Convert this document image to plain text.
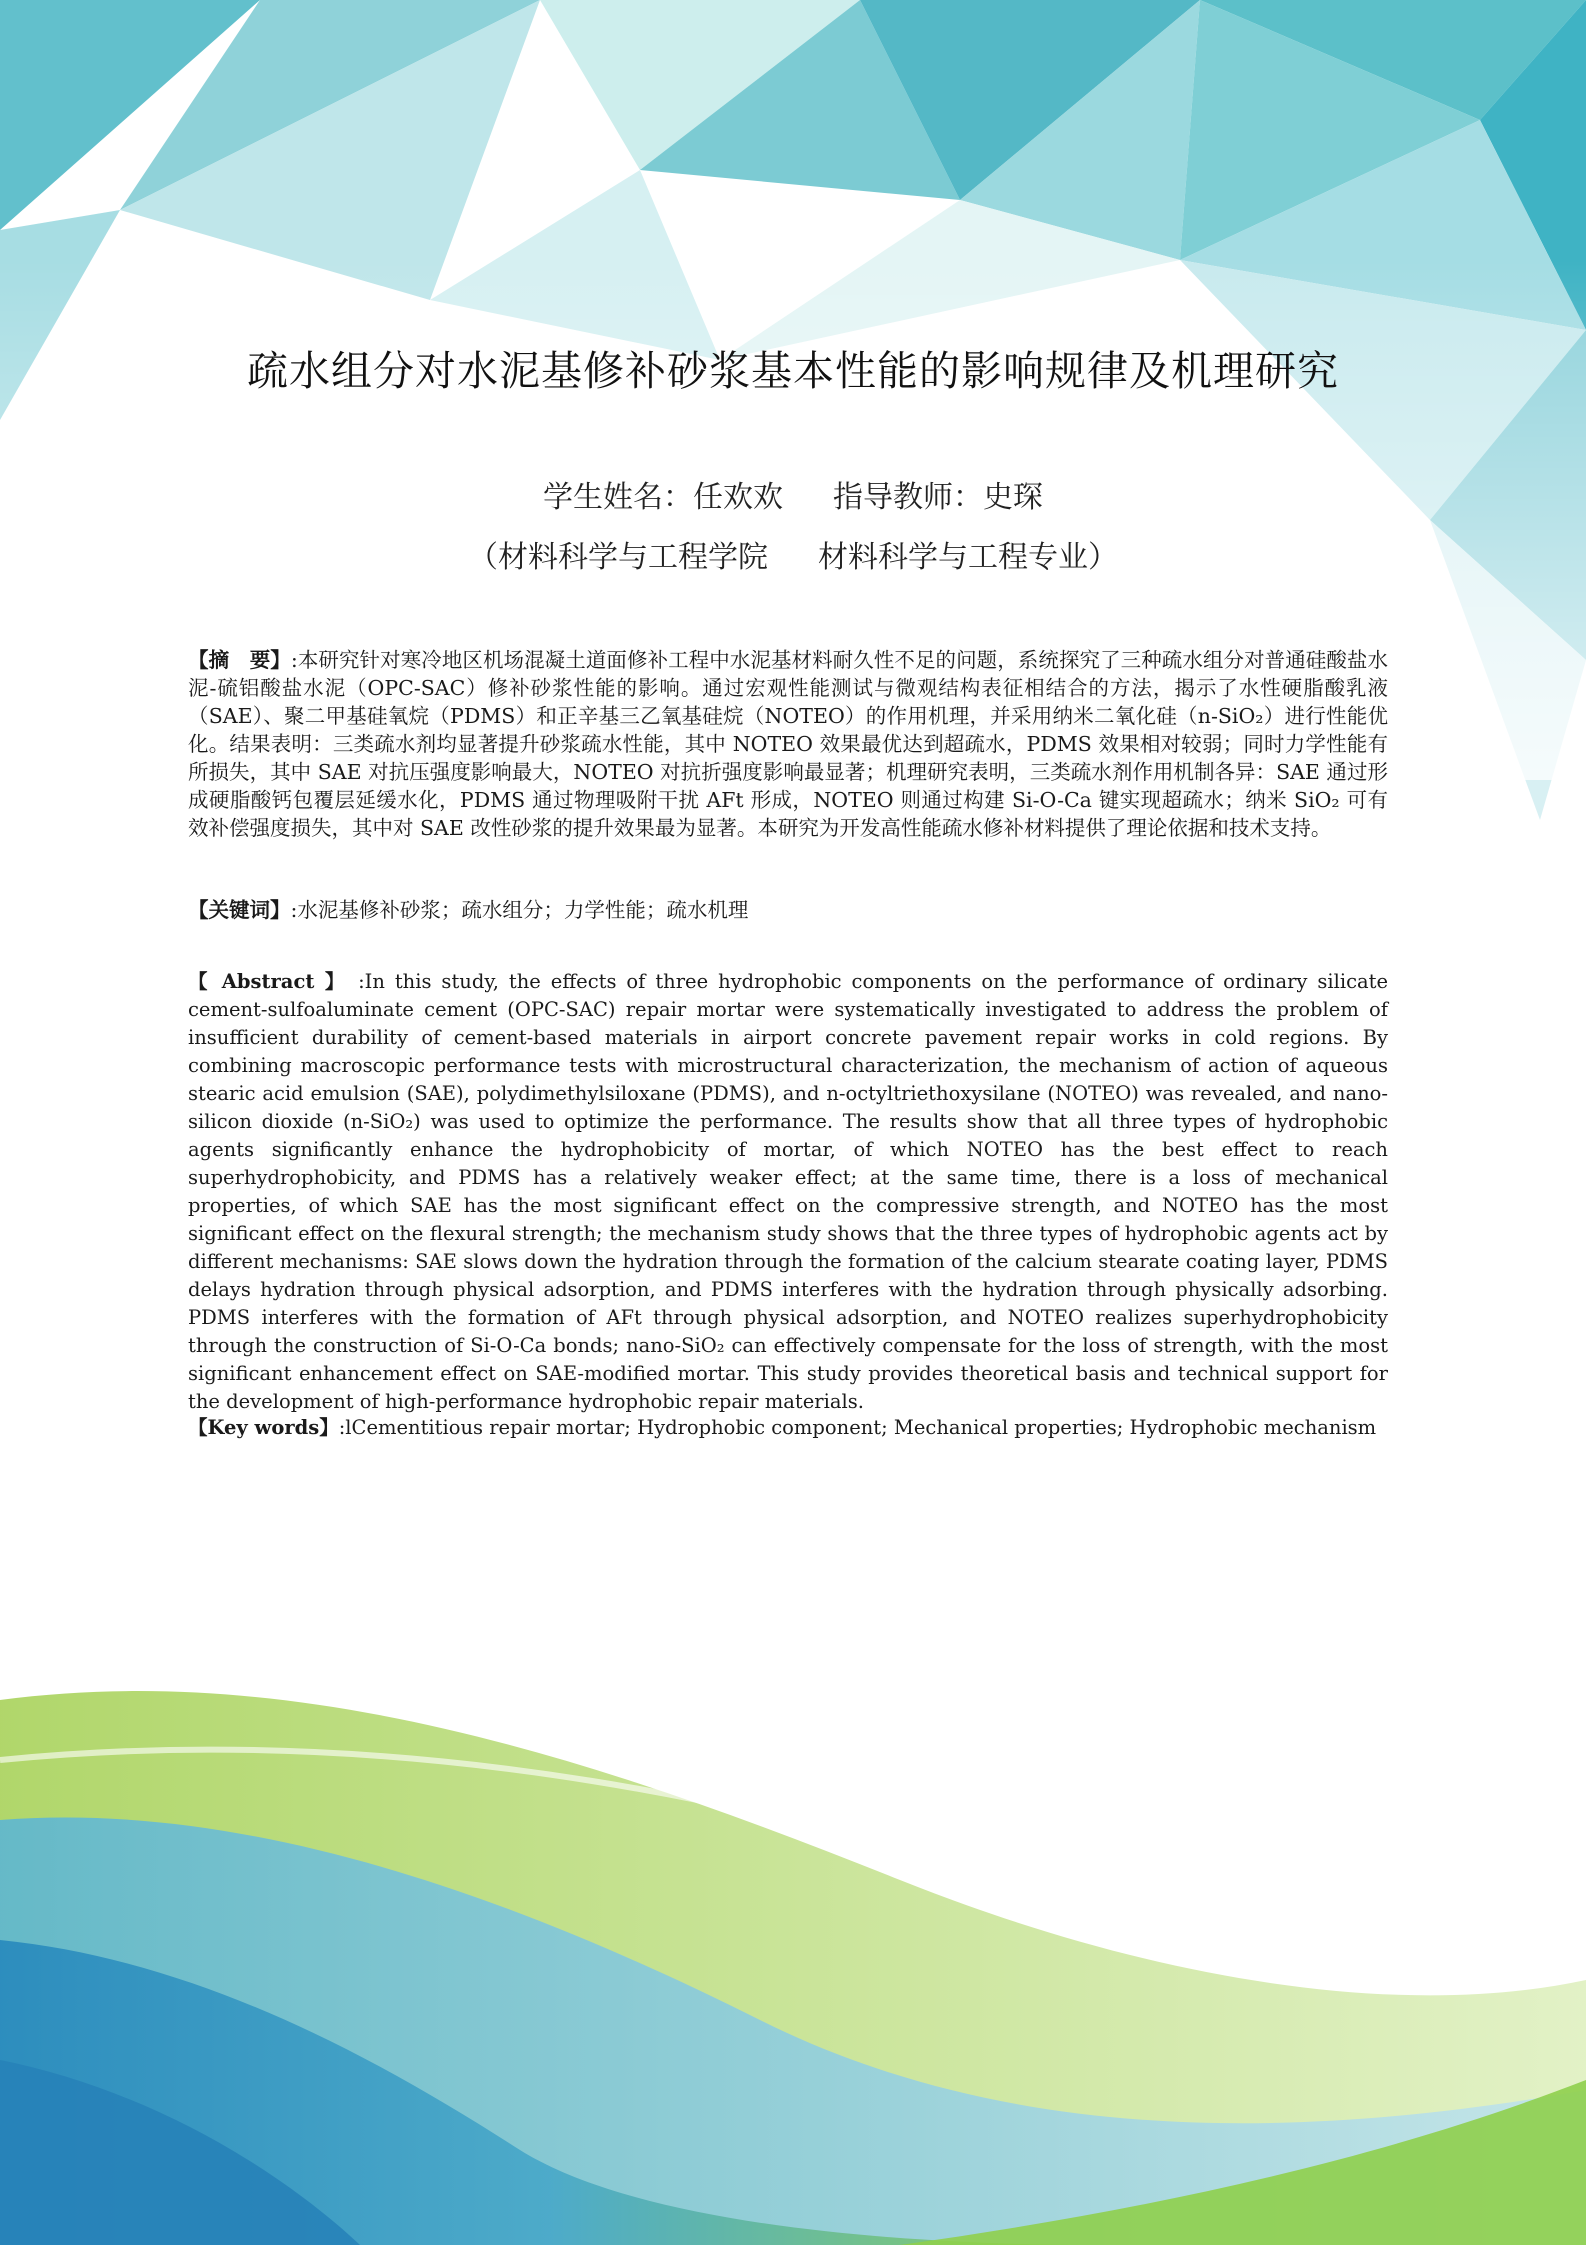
疏水组分对水泥基修补砂浆基本性能的影响规律及机理研究
学生姓名：任欢欢 指导教师：史琛
（材料科学与工程学院 材料科学与工程专业）
【摘　要】:本研究针对寒冷地区机场混凝土道面修补工程中水泥基材料耐久性不足的问题，系统探究了三种疏水组分对普通硅酸盐水泥-硫铝酸盐水泥（OPC-SAC）修补砂浆性能的影响。通过宏观性能测试与微观结构表征相结合的方法，揭示了水性硬脂酸乳液（SAE）、聚二甲基硅氧烷（PDMS）和正辛基三乙氧基硅烷（NOTEO）的作用机理，并采用纳米二氧化硅（n-SiO₂）进行性能优化。结果表明：三类疏水剂均显著提升砂浆疏水性能，其中 NOTEO 效果最优达到超疏水，PDMS 效果相对较弱；同时力学性能有所损失，其中 SAE 对抗压强度影响最大，NOTEO 对抗折强度影响最显著；机理研究表明，三类疏水剂作用机制各异：SAE 通过形成硬脂酸钙包覆层延缓水化，PDMS 通过物理吸附干扰 AFt 形成，NOTEO 则通过构建 Si-O-Ca 键实现超疏水；纳米 SiO₂ 可有效补偿强度损失，其中对 SAE 改性砂浆的提升效果最为显著。本研究为开发高性能疏水修补材料提供了理论依据和技术支持。
【关键词】:水泥基修补砂浆；疏水组分；力学性能；疏水机理
【 Abstract 】 :In this study, the effects of three hydrophobic components on the performance of ordinary silicate cement-sulfoaluminate cement (OPC-SAC) repair mortar were systematically investigated to address the problem of insufficient durability of cement-based materials in airport concrete pavement repair works in cold regions. By combining macroscopic performance tests with microstructural characterization, the mechanism of action of aqueous stearic acid emulsion (SAE), polydimethylsiloxane (PDMS), and n-octyltriethoxysilane (NOTEO) was revealed, and nano-silicon dioxide (n-SiO₂) was used to optimize the performance. The results show that all three types of hydrophobic agents significantly enhance the hydrophobicity of mortar, of which NOTEO has the best effect to reach superhydrophobicity, and PDMS has a relatively weaker effect; at the same time, there is a loss of mechanical properties, of which SAE has the most significant effect on the compressive strength, and NOTEO has the most significant effect on the flexural strength; the mechanism study shows that the three types of hydrophobic agents act by different mechanisms: SAE slows down the hydration through the formation of the calcium stearate coating layer, PDMS delays hydration through physical adsorption, and PDMS interferes with the hydration through physically adsorbing. PDMS interferes with the formation of AFt through physical adsorption, and NOTEO realizes superhydrophobicity through the construction of Si-O-Ca bonds; nano-SiO₂ can effectively compensate for the loss of strength, with the most significant enhancement effect on SAE-modified mortar. This study provides theoretical basis and technical support for the development of high-performance hydrophobic repair materials.
【Key words】:lCementitious repair mortar; Hydrophobic component; Mechanical properties; Hydrophobic mechanism
